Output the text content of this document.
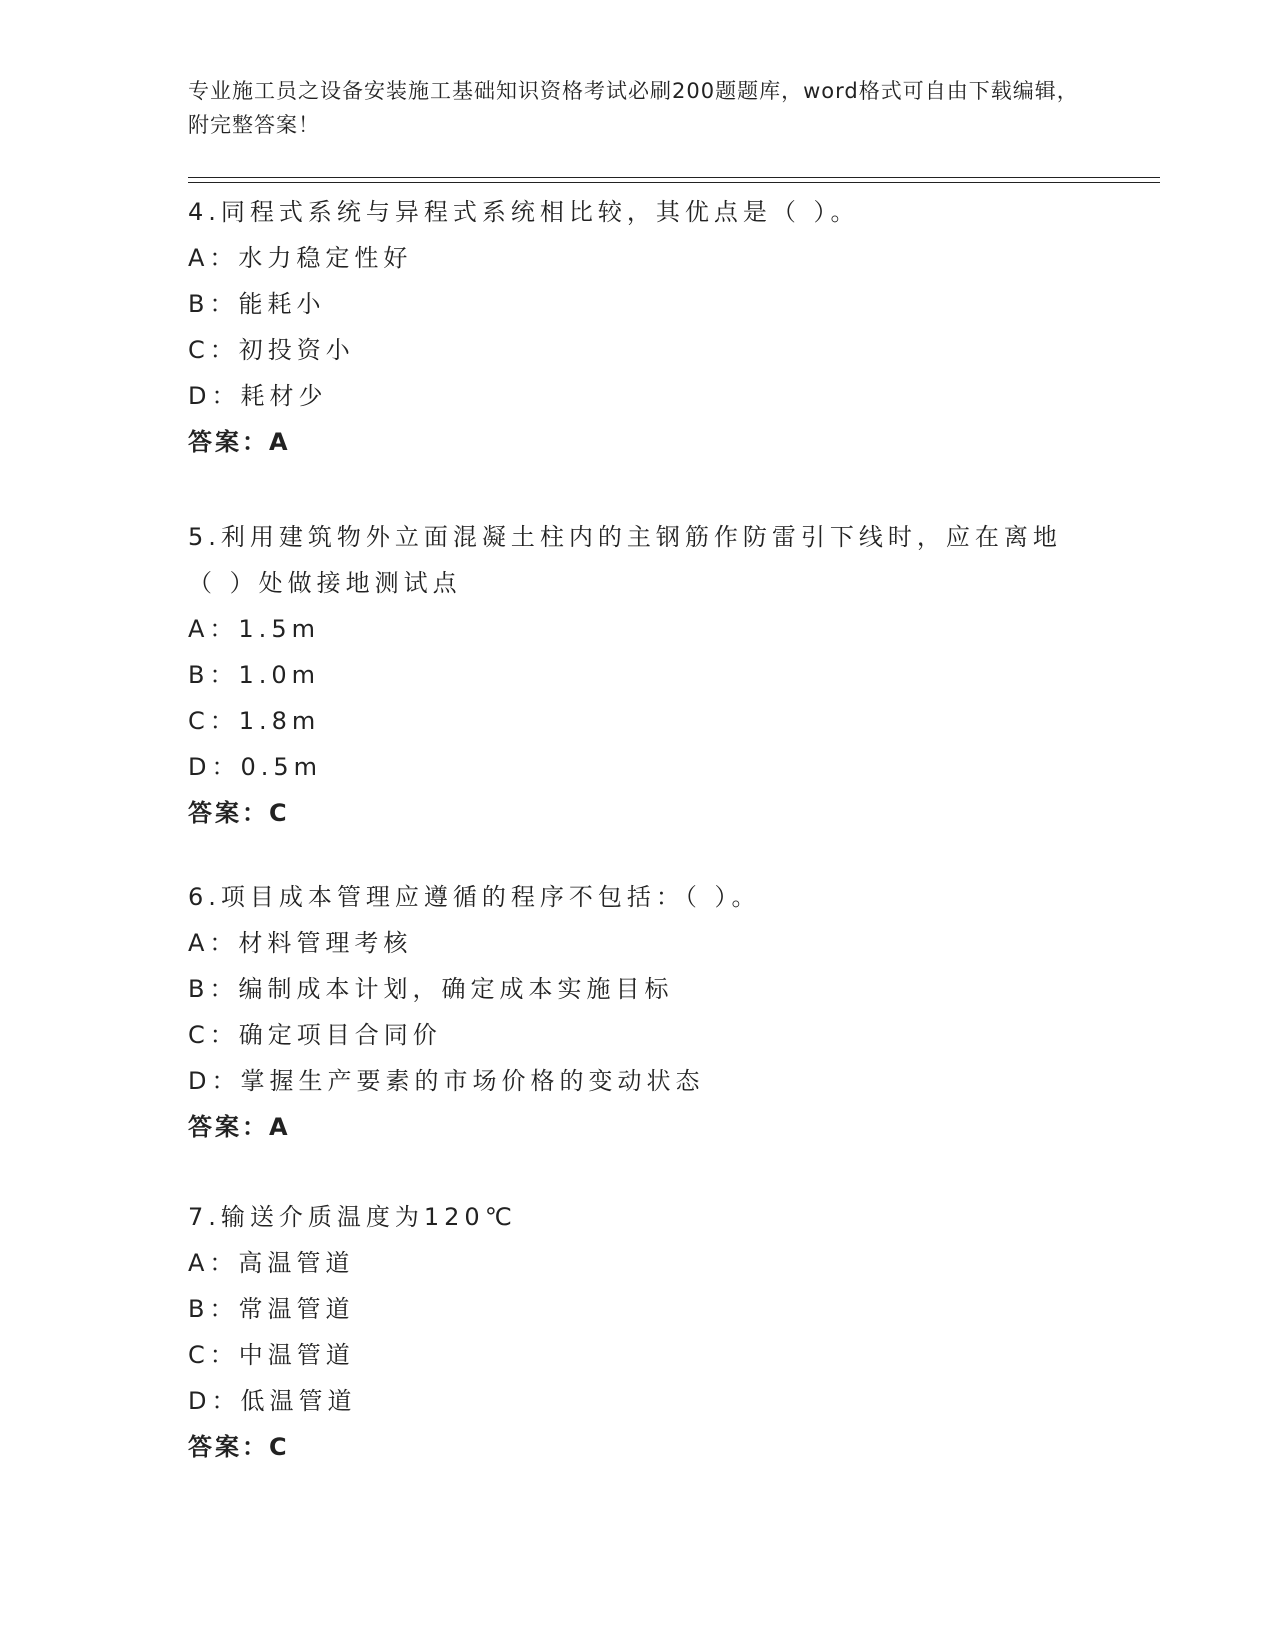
专业施工员之设备安装施工基础知识资格考试必刷200题题库，word格式可自由下载编辑，附完整答案！

4.同程式系统与异程式系统相比较，其优点是（ ）。

A：水力稳定性好

B：能耗小

C：初投资小

D：耗材少

答案：A

5.利用建筑物外立面混凝土柱内的主钢筋作防雷引下线时，应在离地（ ）处做接地测试点

A：1.5m

B：1.0m

C：1.8m

D：0.5m

答案：C

6.项目成本管理应遵循的程序不包括：（ ）。

A：材料管理考核

B：编制成本计划，确定成本实施目标

C：确定项目合同价

D：掌握生产要素的市场价格的变动状态

答案：A

7.输送介质温度为120℃

A：高温管道

B：常温管道

C：中温管道

D：低温管道

答案：C
